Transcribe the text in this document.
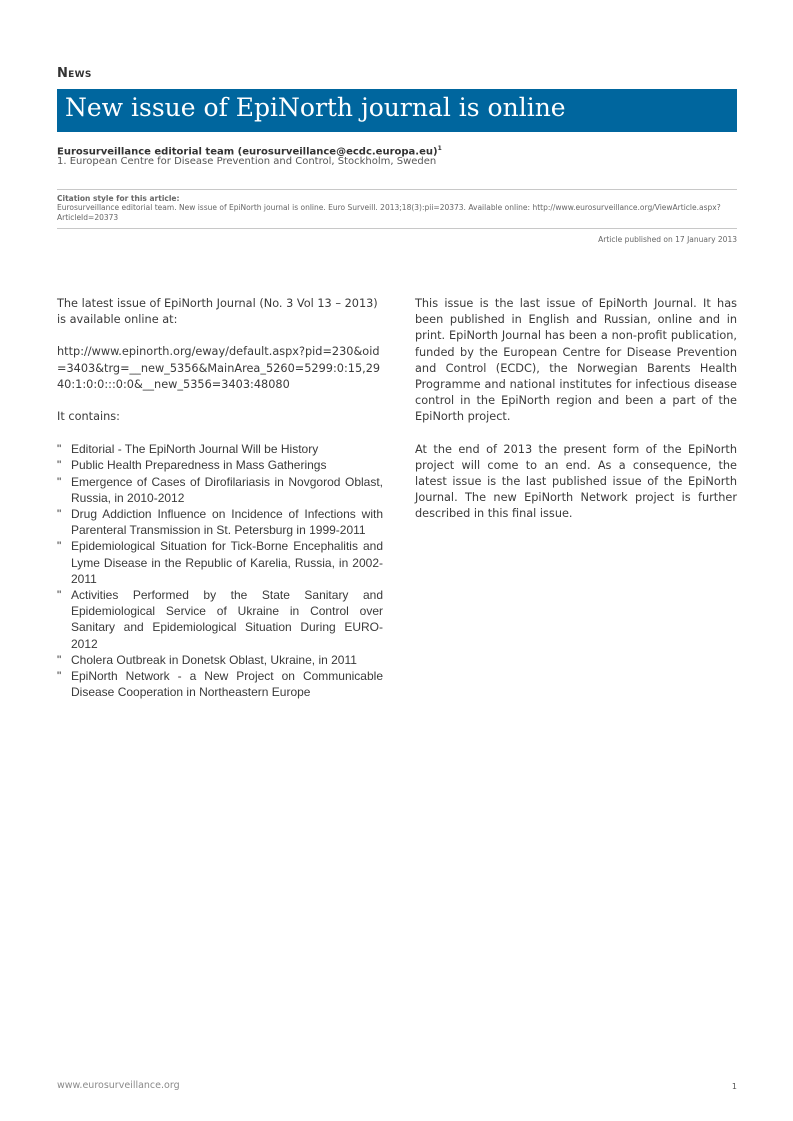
News
New issue of EpiNorth journal is online
Eurosurveillance editorial team (eurosurveillance@ecdc.europa.eu)$^1$
1. European Centre for Disease Prevention and Control, Stockholm, Sweden
Citation style for this article:
Eurosurveillance editorial team. New issue of EpiNorth journal is online. Euro Surveill. 2013;18(3):pii=20373. Available online: http://www.eurosurveillance.org/ViewArticle.aspx?ArticleId=20373
Article published on 17 January 2013

The latest issue of EpiNorth Journal (No. 3 Vol 13 – 2013) is available online at:

http://www.epinorth.org/eway/default.aspx?pid=230&oid=3403&trg=__new_5356&MainArea_5260=5299:0:15,2940:1:0:0:::0:0&__new_5356=3403:48080

It contains:

" Editorial - The EpiNorth Journal Will be History
" Public Health Preparedness in Mass Gatherings
" Emergence of Cases of Dirofilariasis in Novgorod Oblast, Russia, in 2010-2012
" Drug Addiction Influence on Incidence of Infections with Parenteral Transmission in St. Petersburg in 1999-2011
" Epidemiological Situation for Tick-Borne Encephalitis and Lyme Disease in the Republic of Karelia, Russia, in 2002-2011
" Activities Performed by the State Sanitary and Epidemiological Service of Ukraine in Control over Sanitary and Epidemiological Situation During EURO-2012
" Cholera Outbreak in Donetsk Oblast, Ukraine, in 2011
" EpiNorth Network - a New Project on Communicable Disease Cooperation in Northeastern Europe

This issue is the last issue of EpiNorth Journal. It has been published in English and Russian, online and in print. EpiNorth Journal has been a non-profit publication, funded by the European Centre for Disease Prevention and Control (ECDC), the Norwegian Barents Health Programme and national institutes for infectious disease control in the EpiNorth region and been a part of the EpiNorth project.

At the end of 2013 the present form of the EpiNorth project will come to an end. As a consequence, the latest issue is the last published issue of the EpiNorth Journal. The new EpiNorth Network project is further described in this final issue.

www.eurosurveillance.org	1
